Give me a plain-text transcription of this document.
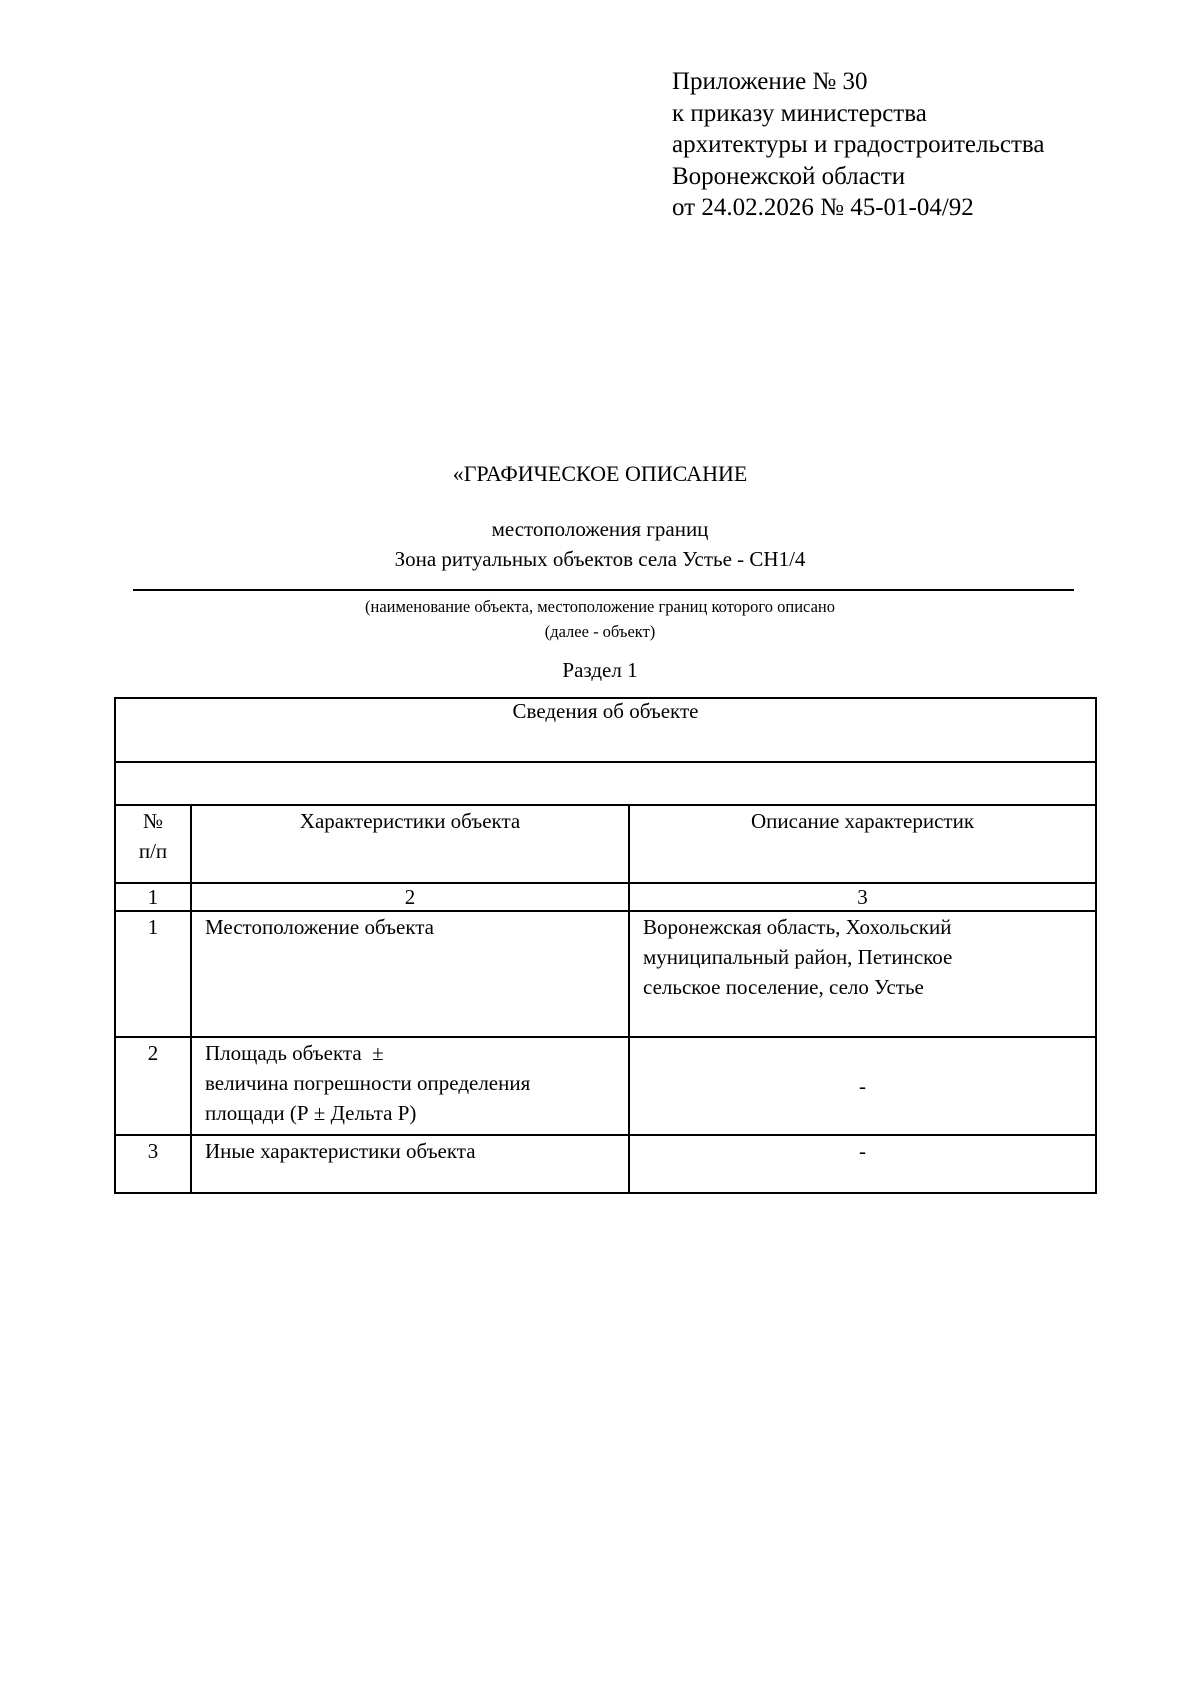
Приложение № 30
к приказу министерства
архитектуры и градостроительства
Воронежской области
от 24.02.2026 № 45-01-04/92
«ГРАФИЧЕСКОЕ ОПИСАНИЕ
местоположения границ
Зона ритуальных объектов села Устье - СН1/4
(наименование объекта, местоположение границ которого описано
(далее - объект)
Раздел 1
Сведения об объекте		

№
п/п	Характеристики объекта	Описание характеристик
1	2	3
1	Местоположение объекта	Воронежская область, Хохольский
муниципальный район, Петинское
сельское поселение, село Устье

2	Площадь объекта  ±
величина погрешности определения
площади (Р ± Дельта Р)	-
3	Иные характеристики объекта	-
